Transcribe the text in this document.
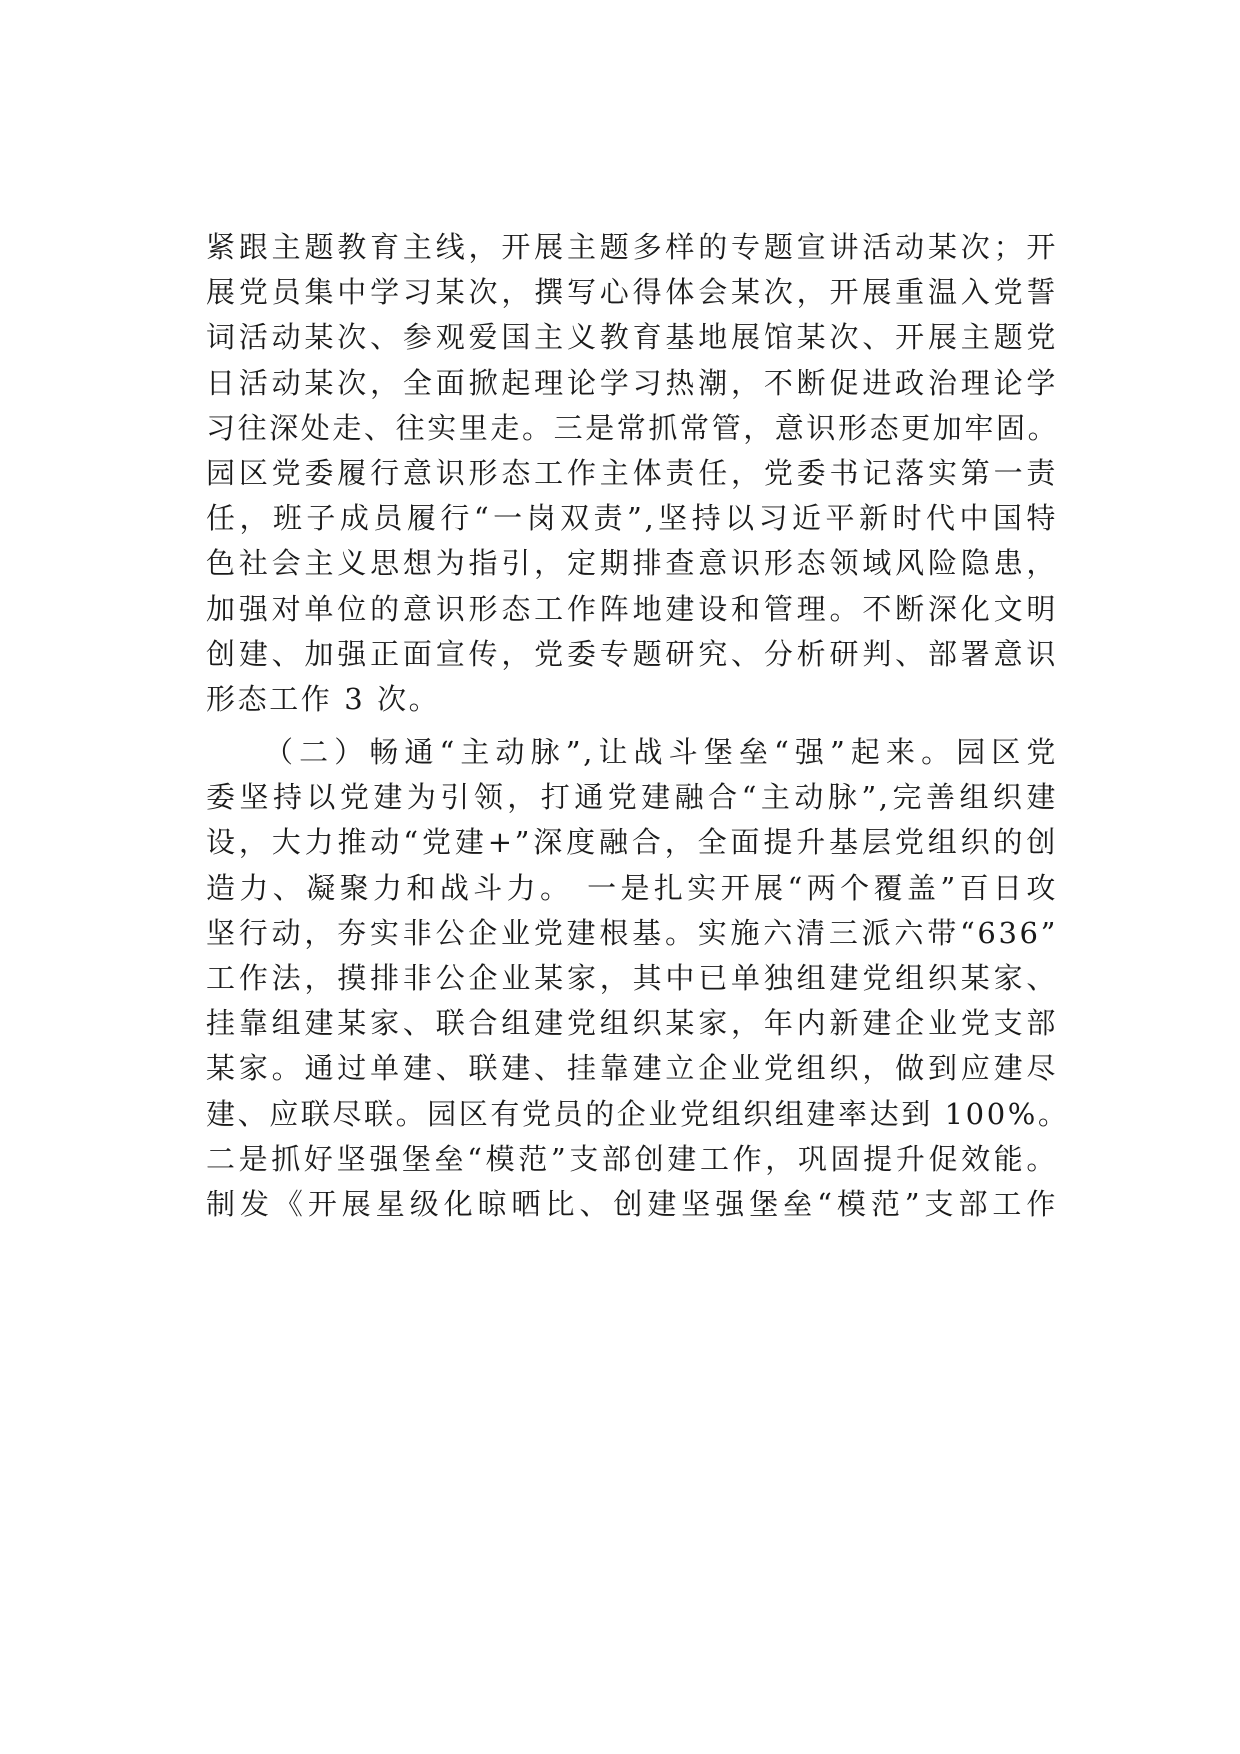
紧跟主题教育主线，开展主题多样的专题宣讲活动某次；开
展党员集中学习某次，撰写心得体会某次，开展重温入党誓
词活动某次、参观爱国主义教育基地展馆某次、开展主题党
日活动某次，全面掀起理论学习热潮，不断促进政治理论学
习往深处走、往实里走。三是常抓常管，意识形态更加牢固。
园区党委履行意识形态工作主体责任，党委书记落实第一责
任，班子成员履行“一岗双责”,坚持以习近平新时代中国特
色社会主义思想为指引，定期排查意识形态领域风险隐患，
加强对单位的意识形态工作阵地建设和管理。不断深化文明
创建、加强正面宣传，党委专题研究、分析研判、部署意识
形态工作 3 次。
（二）畅通“主动脉”,让战斗堡垒“强”起来。园区党
委坚持以党建为引领，打通党建融合“主动脉”,完善组织建
设，大力推动“党建+”深度融合，全面提升基层党组织的创
造力、凝聚力和战斗力。 一是扎实开展“两个覆盖”百日攻
坚行动，夯实非公企业党建根基。实施六清三派六带“636”
工作法，摸排非公企业某家，其中已单独组建党组织某家、
挂靠组建某家、联合组建党组织某家，年内新建企业党支部
某家。通过单建、联建、挂靠建立企业党组织，做到应建尽
建、应联尽联。园区有党员的企业党组织组建率达到 100%。
二是抓好坚强堡垒“模范”支部创建工作，巩固提升促效能。
制发《开展星级化晾晒比、创建坚强堡垒“模范”支部工作
